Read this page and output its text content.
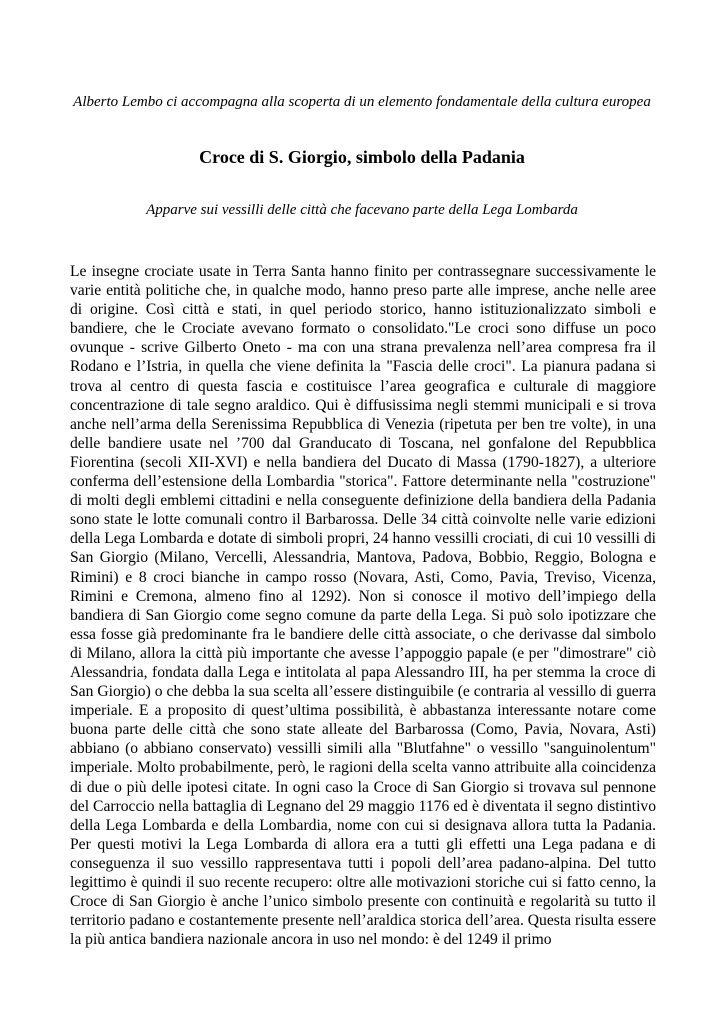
Alberto Lembo ci accompagna alla scoperta di un elemento fondamentale della cultura europea
Croce di S. Giorgio, simbolo della Padania
Apparve sui vessilli delle città che facevano parte della Lega Lombarda

Le insegne crociate usate in Terra Santa hanno finito per contrassegnare successivamente le varie entità politiche che, in qualche modo, hanno preso parte alle imprese, anche nelle aree di origine. Così città e stati, in quel periodo storico, hanno istituzionalizzato simboli e bandiere, che le Crociate avevano formato o consolidato."Le croci sono diffuse un poco ovunque - scrive Gilberto Oneto - ma con una strana prevalenza nell’area compresa fra il Rodano e l’Istria, in quella che viene definita la "Fascia delle croci". La pianura padana si trova al centro di questa fascia e costituisce l’area geografica e culturale di maggiore concentrazione di tale segno araldico. Qui è diffusissima negli stemmi municipali e si trova anche nell’arma della Serenissima Repubblica di Venezia (ripetuta per ben tre volte), in una delle bandiere usate nel ’700 dal Granducato di Toscana, nel gonfalone del Repubblica Fiorentina (secoli XII-XVI) e nella bandiera del Ducato di Massa (1790-1827), a ulteriore conferma dell’estensione della Lombardia "storica". Fattore determinante nella "costruzione" di molti degli emblemi cittadini e nella conseguente definizione della bandiera della Padania sono state le lotte comunali contro il Barbarossa. Delle 34 città coinvolte nelle varie edizioni della Lega Lombarda e dotate di simboli propri, 24 hanno vessilli crociati, di cui 10 vessilli di San Giorgio (Milano, Vercelli, Alessandria, Mantova, Padova, Bobbio, Reggio, Bologna e Rimini) e 8 croci bianche in campo rosso (Novara, Asti, Como, Pavia, Treviso, Vicenza, Rimini e Cremona, almeno fino al 1292). Non si conosce il motivo dell’impiego della bandiera di San Giorgio come segno comune da parte della Lega. Si può solo ipotizzare che essa fosse già predominante fra le bandiere delle città associate, o che derivasse dal simbolo di Milano, allora la città più importante che avesse l’appoggio papale (e per "dimostrare" ciò Alessandria, fondata dalla Lega e intitolata al papa Alessandro III, ha per stemma la croce di San Giorgio) o che debba la sua scelta all’essere distinguibile (e contraria al vessillo di guerra imperiale. E a proposito di quest’ultima possibilità, è abbastanza interessante notare come buona parte delle città che sono state alleate del Barbarossa (Como, Pavia, Novara, Asti) abbiano (o abbiano conservato) vessilli simili alla "Blutfahne" o vessillo "sanguinolentum" imperiale. Molto probabilmente, però, le ragioni della scelta vanno attribuite alla coincidenza di due o più delle ipotesi citate. In ogni caso la Croce di San Giorgio si trovava sul pennone del Carroccio nella battaglia di Legnano del 29 maggio 1176 ed è diventata il segno distintivo della Lega Lombarda e della Lombardia, nome con cui si designava allora tutta la Padania. Per questi motivi la Lega Lombarda di allora era a tutti gli effetti una Lega padana e di conseguenza il suo vessillo rappresentava tutti i popoli dell’area padano-alpina. Del tutto legittimo è quindi il suo recente recupero: oltre alle motivazioni storiche cui si fatto cenno, la Croce di San Giorgio è anche l’unico simbolo presente con continuità e regolarità su tutto il territorio padano e costantemente presente nell’araldica storica dell’area. Questa risulta essere la più antica bandiera nazionale ancora in uso nel mondo: è del 1249 il primo
